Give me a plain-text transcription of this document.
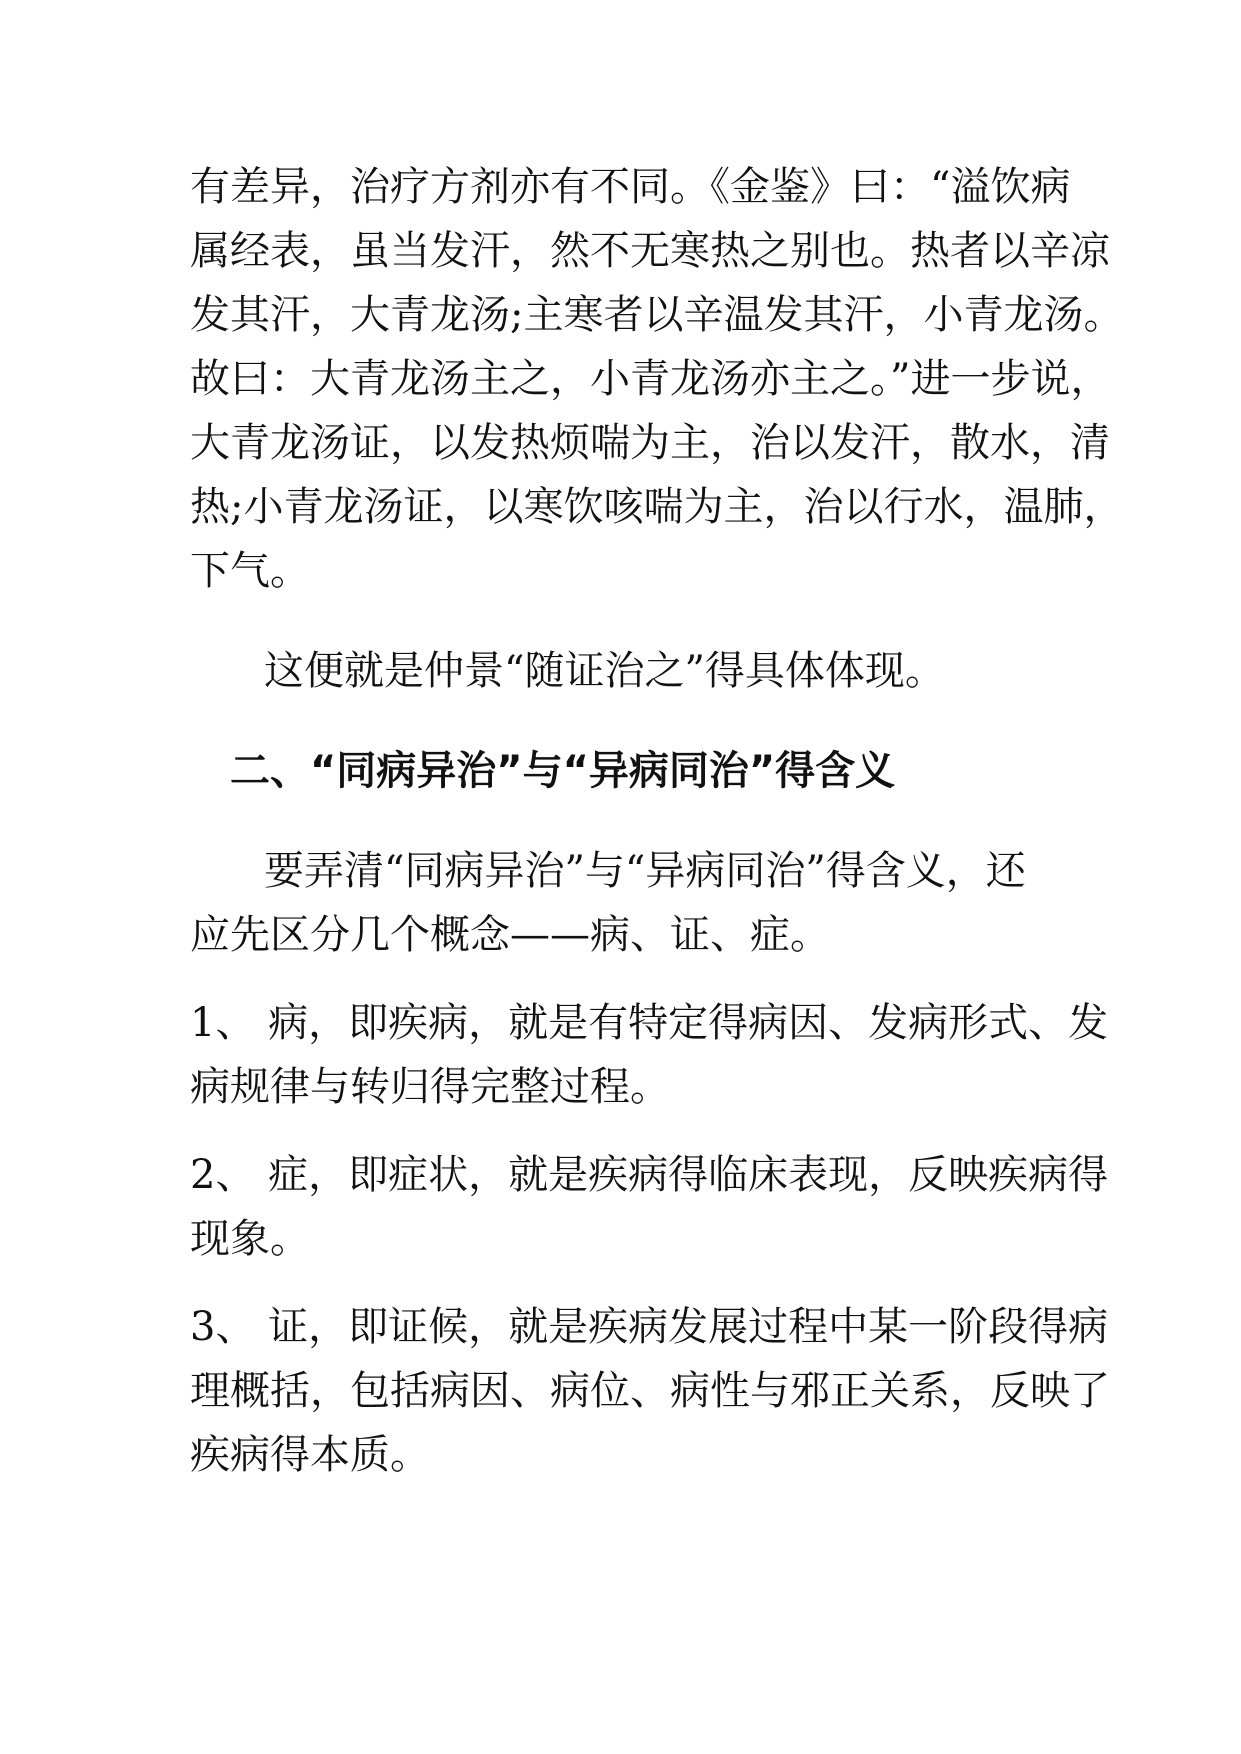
有差异，治疗方剂亦有不同。《金鉴》曰：“溢饮病
属经表，虽当发汗，然不无寒热之别也。热者以辛凉
发其汗，大青龙汤;主寒者以辛温发其汗，小青龙汤。
故曰：大青龙汤主之，小青龙汤亦主之。”进一步说，
大青龙汤证，以发热烦喘为主，治以发汗，散水，清
热;小青龙汤证，以寒饮咳喘为主，治以行水，温肺，
下气。
这便就是仲景“随证治之”得具体体现。
二、“同病异治”与“异病同治”得含义
要弄清“同病异治”与“异病同治”得含义，还
应先区分几个概念——病、证、症。
1、 病，即疾病，就是有特定得病因、发病形式、发
病规律与转归得完整过程。
2、 症，即症状，就是疾病得临床表现，反映疾病得
现象。
3、 证，即证候，就是疾病发展过程中某一阶段得病
理概括，包括病因、病位、病性与邪正关系，反映了
疾病得本质。
